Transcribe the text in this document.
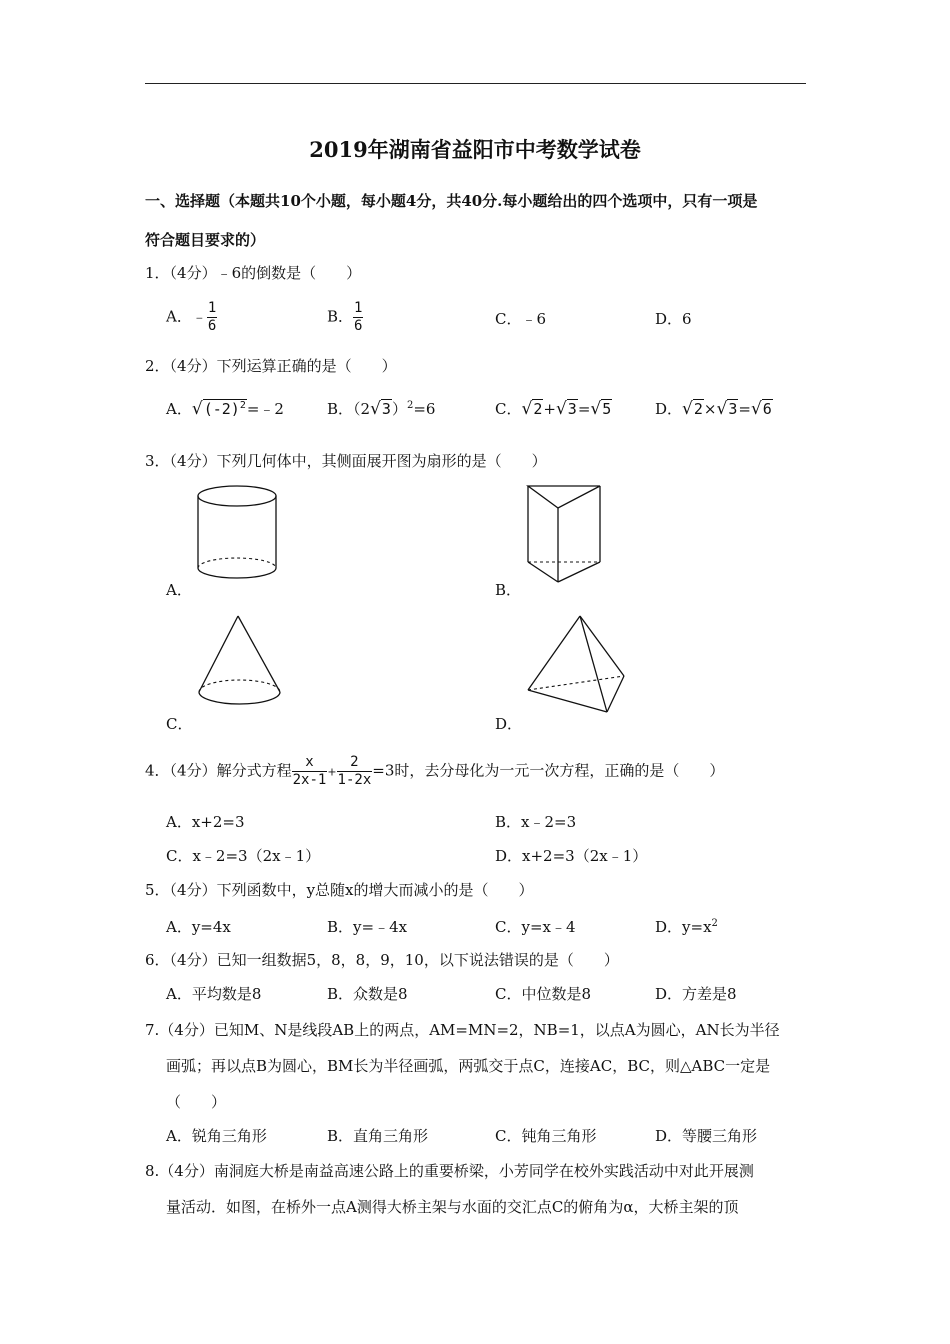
2019年湖南省益阳市中考数学试卷
一、选择题（本题共10个小题，每小题4分，共40分.每小题给出的四个选项中，只有一项是
符合题目要求的）
1．（4分）﹣6的倒数是（　　）
A．﹣ $\frac{1}{6}$	B． $\frac{1}{6}$	C．﹣6	D．6
2．（4分）下列运算正确的是（　　）
A．$√(-2)^2=﹣2$	B．$(2√3)^2=6$	C．√2+√3=√5	D．√2×√3=√6
3．（4分）下列几何体中，其侧面展开图为扇形的是（　　）
A．	B．
C．	D．
4．（4分）解分式方程 $\frac{x}{2x-1} + \frac{2}{1-2x} =3$时，去分母化为一元一次方程，正确的是（　　）
A．x+2=3	B．x﹣2=3
C．x﹣2=3（2x﹣1）	D．x+2=3（2x﹣1）
5．（4分）下列函数中，y总随x的增大而减小的是（　　）
A．y=4x	B．y=﹣4x	C．y=x﹣4	D．$y=x^2$
6．（4分）已知一组数据5，8，8，9，10，以下说法错误的是（　　）
A．平均数是8	B．众数是8	C．中位数是8	D．方差是8
7.（4分）已知M、N是线段AB上的两点，AM=MN=2，NB=1，以点A为圆心，AN长为半径
画弧；再以点B为圆心，BM长为半径画弧，两弧交于点C，连接AC，BC，则△ABC一定是
（　　）
A．锐角三角形	B．直角三角形	C．钝角三角形	D．等腰三角形
8.（4分）南洞庭大桥是南益高速公路上的重要桥梁，小芳同学在校外实践活动中对此开展测
量活动．如图，在桥外一点A测得大桥主架与水面的交汇点C的俯角为α，大桥主架的顶
